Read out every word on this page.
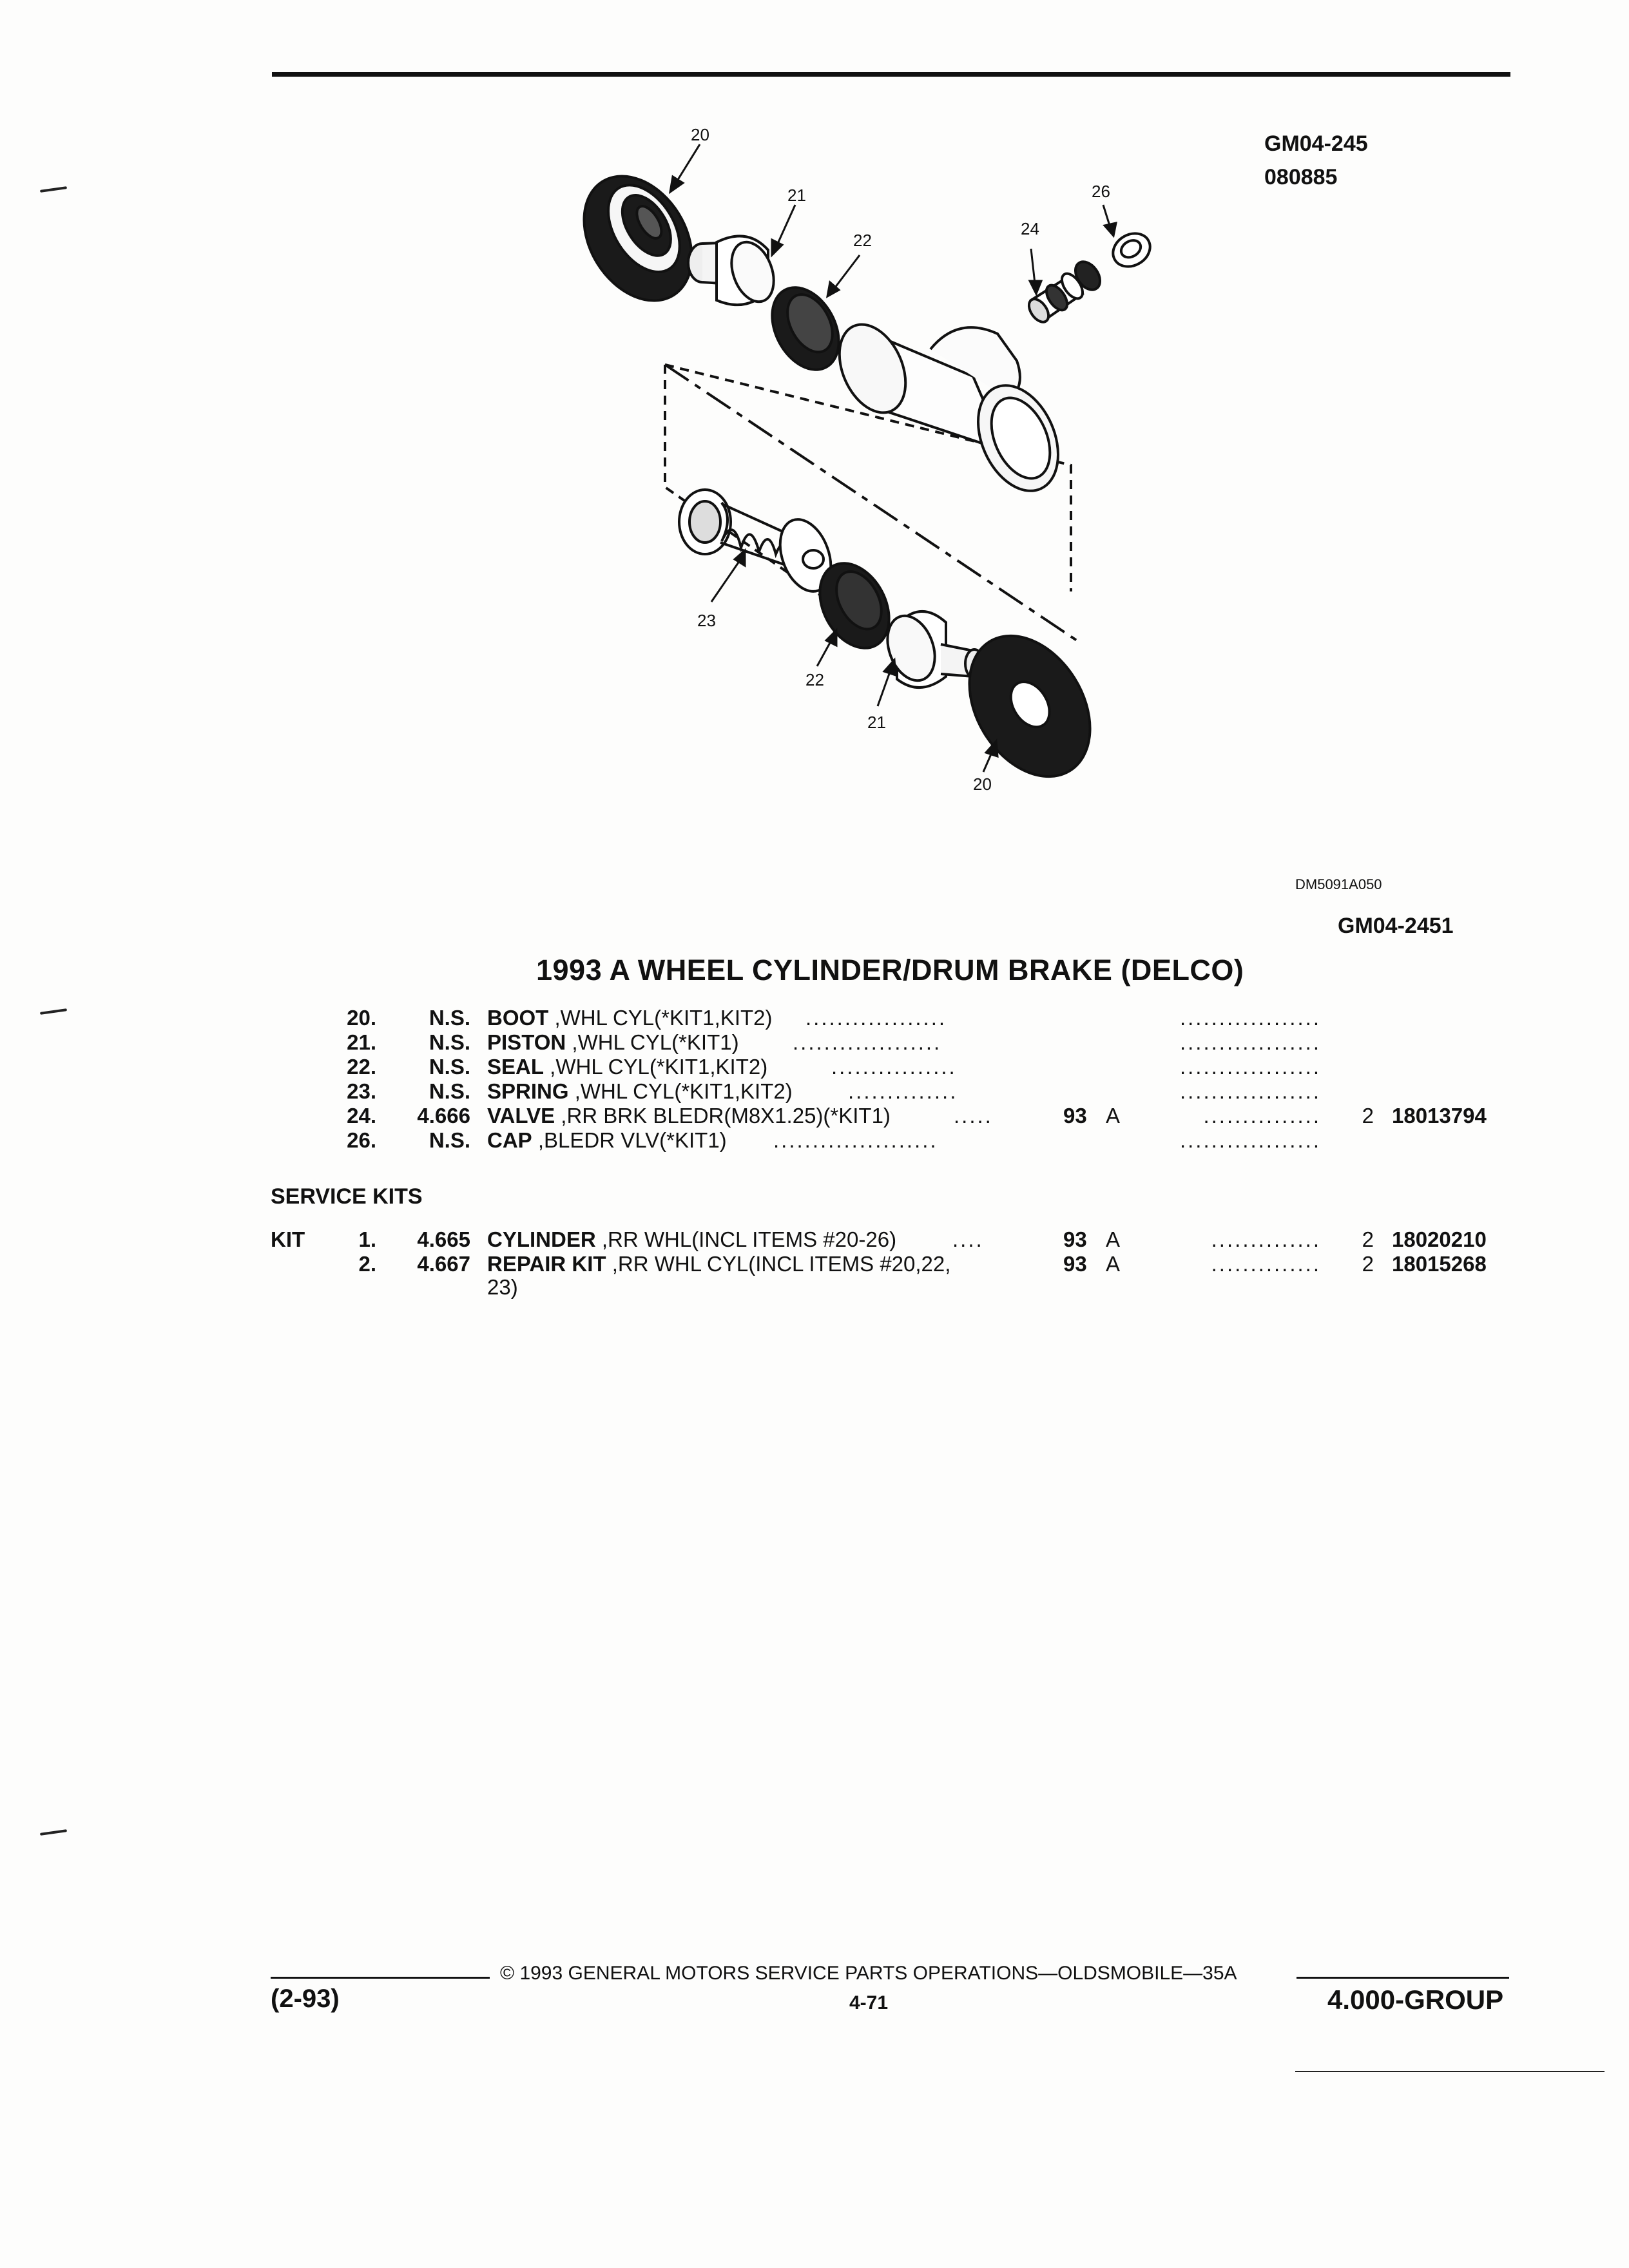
GM04-245
080885
20
21
22
24
26
23
22
21
20
DM5091A050
GM04-2451
1993 A WHEEL CYLINDER/DRUM BRAKE (DELCO)
20.	N.S. BOOT ,WHL CYL(*KIT1,KIT2) ..................	..................
21.	N.S. PISTON ,WHL CYL(*KIT1)	...................	..................
22.	N.S. SEAL ,WHL CYL(*KIT1,KIT2)	................	..................
23.	N.S. SPRING ,WHL CYL(*KIT1,KIT2)	..............	..................
24.	4.666 VALVE ,RR BRK BLEDR(M8X1.25)(*KIT1)	.....	93 A	............... 2 18013794
26.	N.S. CAP ,BLEDR VLV(*KIT1) .....................	..................
SERVICE KITS
KIT	1.	4.665 CYLINDER ,RR WHL(INCL ITEMS #20-26)	....	93 A	.............. 2 18020210
2.	4.667 REPAIR KIT ,RR WHL CYL(INCL ITEMS #20,22,	93 A	.............. 2 18015268
23)
© 1993 GENERAL MOTORS SERVICE PARTS OPERATIONS—OLDSMOBILE—35A
(2-93)	4-71	4.000-GROUP
